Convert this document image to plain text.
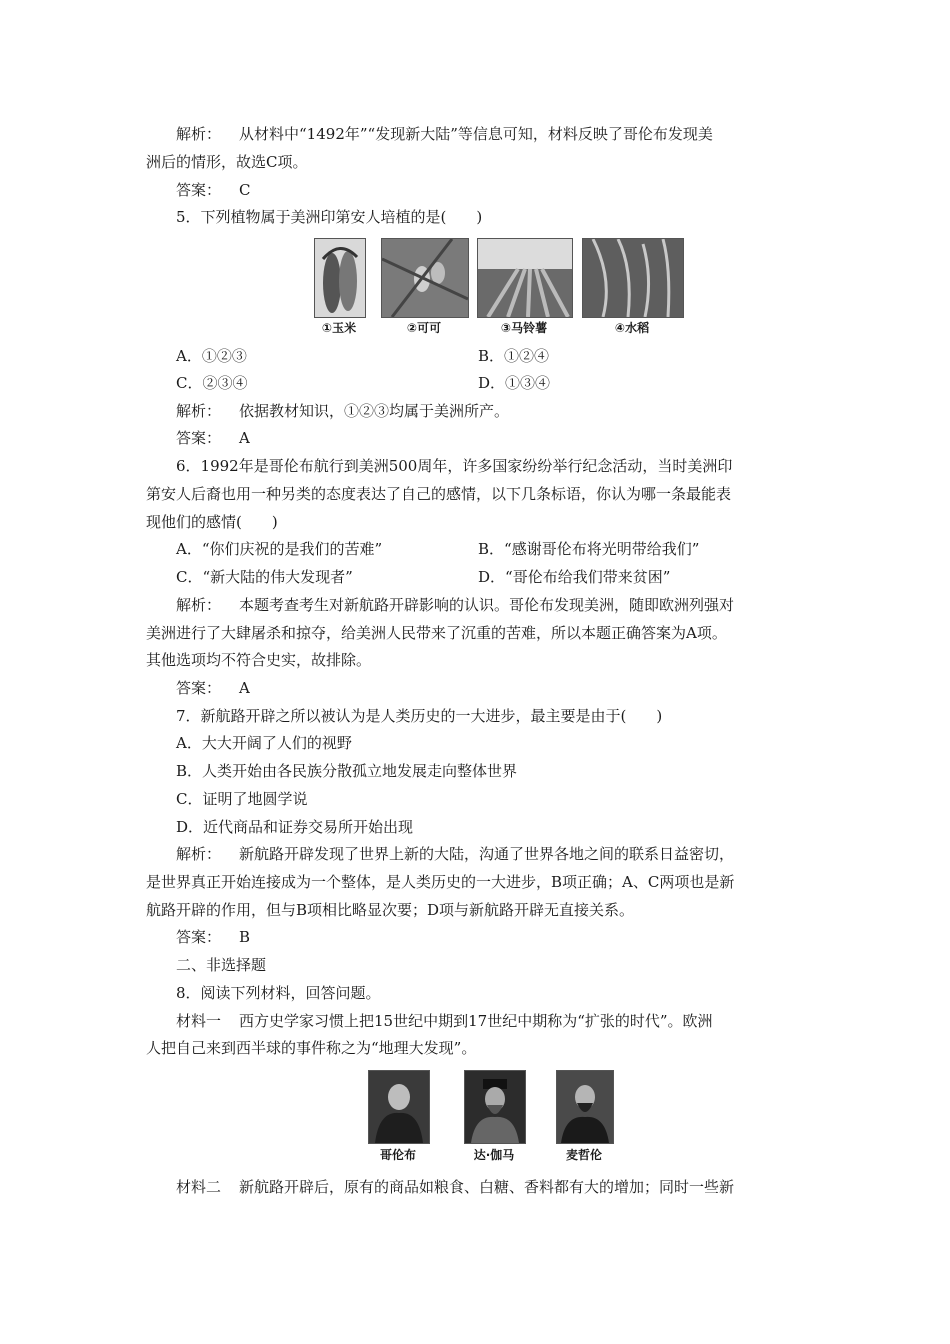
解析： 从材料中“1492年”“发现新大陆”等信息可知，材料反映了哥伦布发现美
洲后的情形，故选C项。
答案： C
5．下列植物属于美洲印第安人培植的是(　　)
①玉米	②可可	③马铃薯	④水稻
A．①②③	B．①②④
C．②③④	D．①③④
解析： 依据教材知识，①②③均属于美洲所产。
答案： A
6．1992年是哥伦布航行到美洲500周年，许多国家纷纷举行纪念活动，当时美洲印
第安人后裔也用一种另类的态度表达了自己的感情，以下几条标语，你认为哪一条最能表
现他们的感情(　　)
A．“你们庆祝的是我们的苦难”	B．“感谢哥伦布将光明带给我们”
C．“新大陆的伟大发现者”	D．“哥伦布给我们带来贫困”
解析： 本题考查考生对新航路开辟影响的认识。哥伦布发现美洲，随即欧洲列强对
美洲进行了大肆屠杀和掠夺，给美洲人民带来了沉重的苦难，所以本题正确答案为A项。
其他选项均不符合史实，故排除。
答案： A
7．新航路开辟之所以被认为是人类历史的一大进步，最主要是由于(　　)
A．大大开阔了人们的视野
B．人类开始由各民族分散孤立地发展走向整体世界
C．证明了地圆学说
D．近代商品和证券交易所开始出现
解析： 新航路开辟发现了世界上新的大陆，沟通了世界各地之间的联系日益密切，
是世界真正开始连接成为一个整体，是人类历史的一大进步，B项正确；A、C两项也是新
航路开辟的作用，但与B项相比略显次要；D项与新航路开辟无直接关系。
答案： B
二、非选择题
8．阅读下列材料，回答问题。
材料一 西方史学家习惯上把15世纪中期到17世纪中期称为“扩张的时代”。欧洲
人把自己来到西半球的事件称之为“地理大发现”。
哥伦布	达·伽马	麦哲伦
材料二 新航路开辟后，原有的商品如粮食、白糖、香料都有大的增加；同时一些新
